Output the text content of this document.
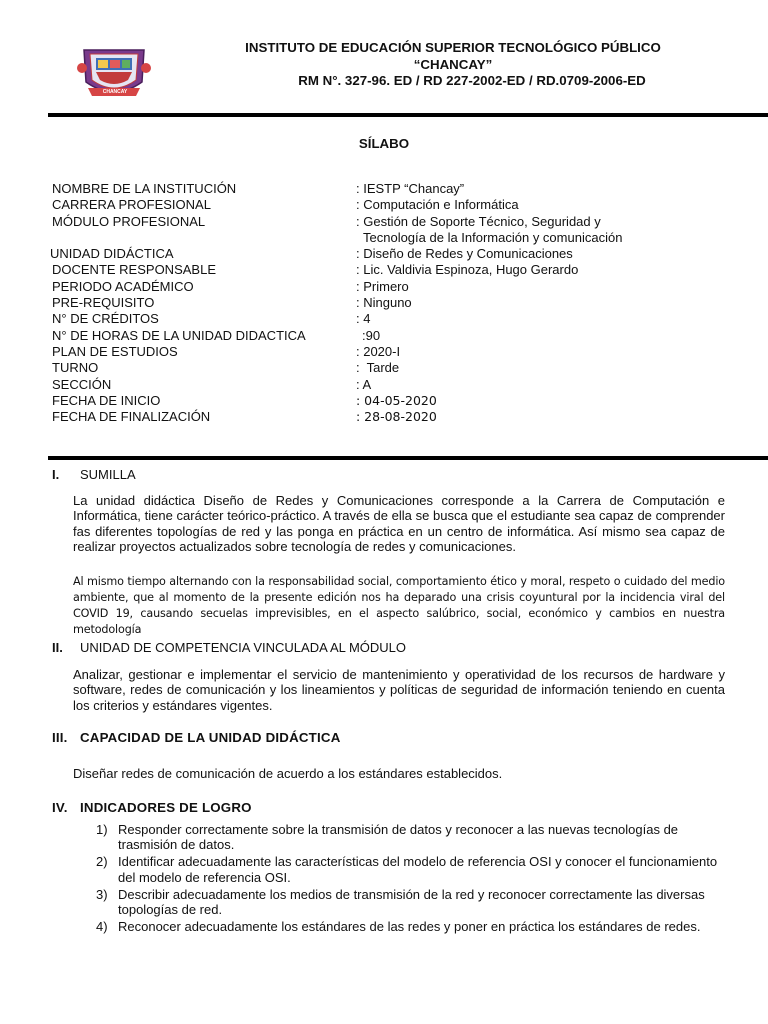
CHANCAY
INSTITUTO DE EDUCACIÓN SUPERIOR TECNOLÓGICO PÚBLICO
“CHANCAY”
RM N°. 327-96. ED / RD 227-2002-ED / RD.0709-2006-ED
SÍLABO
NOMBRE DE LA INSTITUCIÓN	: IESTP “Chancay”
CARRERA PROFESIONAL	: Computación e Informática
MÓDULO PROFESIONAL	: Gestión de Soporte Técnico, Seguridad y
Tecnología de la Información y comunicación
UNIDAD DIDÁCTICA	: Diseño de Redes y Comunicaciones
DOCENTE RESPONSABLE	: Lic. Valdivia Espinoza, Hugo Gerardo
PERIODO ACADÉMICO	: Primero
PRE-REQUISITO	: Ninguno
N° DE CRÉDITOS	: 4
N° DE HORAS DE LA UNIDAD DIDACTICA	:90
PLAN DE ESTUDIOS	: 2020-I
TURNO	:  Tarde
SECCIÓN	: A
FECHA DE INICIO	: 04-05-2020
FECHA DE FINALIZACIÓN	: 28-08-2020
I. SUMILLA
La unidad didáctica Diseño de Redes y Comunicaciones corresponde a la Carrera de Computación e Informática, tiene carácter teórico-práctico. A través de ella se busca que el estudiante sea capaz de comprender fas diferentes topologías de red y las ponga en práctica en un centro de informática. Así mismo sea capaz de realizar proyectos actualizados sobre tecnología de redes y comunicaciones.
Al mismo tiempo alternando con la responsabilidad social, comportamiento ético y moral, respeto o cuidado del medio ambiente, que al momento de la presente edición nos ha deparado una crisis coyuntural por la incidencia viral del COVID 19, causando secuelas imprevisibles, en el aspecto salúbrico, social, económico y cambios en nuestra metodología
II. UNIDAD DE COMPETENCIA VINCULADA AL MÓDULO
Analizar, gestionar e implementar el servicio de mantenimiento y operatividad de los recursos de hardware y software, redes de comunicación y los lineamientos y políticas de seguridad de información teniendo en cuenta los criterios y estándares vigentes.
III. CAPACIDAD DE LA UNIDAD DIDÁCTICA
Diseñar redes de comunicación de acuerdo a los estándares establecidos.
IV. INDICADORES DE LOGRO
1) Responder correctamente sobre la transmisión de datos y reconocer a las nuevas tecnologías de trasmisión de datos.
2) Identificar adecuadamente las características del modelo de referencia OSI y conocer el funcionamiento del modelo de referencia OSI.
3) Describir adecuadamente los medios de transmisión de la red y reconocer correctamente las diversas topologías de red.
4) Reconocer adecuadamente los estándares de las redes y poner en práctica los estándares de redes.
